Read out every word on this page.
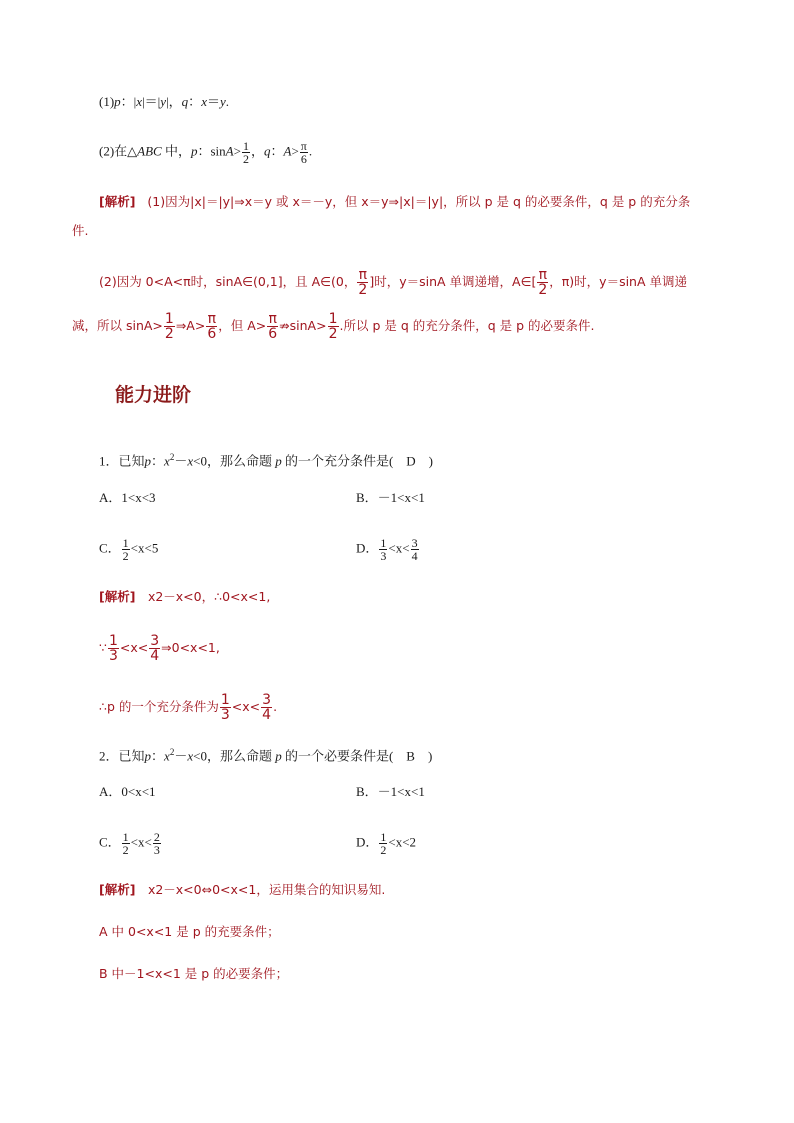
(1)p：|x|＝|y|，q：x＝y.
(2)在△ABC 中，p：$\sin A> \frac{1}{2}$ ，q：$A> \frac{\pi}{6}$ .
[解析] (1)因为|x|＝|y|⇒x＝y 或 x＝－y，但 x＝y⇒|x|＝|y|，所以 p 是 q 的必要条件，q 是 p 的充分条
件.
(2)因为 0<A<π时，sinA∈(0,1]，且 A∈(0， $\frac{\pi}{2}$ ]时，y＝sinA 单调递增，A∈[ $\frac{\pi}{2}$ ，π)时，y＝sinA 单调递
减，所以 $\sin A> \frac{1}{2}$ ⇒A> $\frac{\pi}{6}$ ，但 $A> \frac{\pi}{6}$ ⇏sinA> $\frac{1}{2}$ .所以 p 是 q 的充分条件，q 是 p 的必要条件.
能力进阶
1．已知p：$x^2-x<0$，那么命题 p 的一个充分条件是(　D　)
A．1<x<3	B．－1<x<1
C． $\frac{1}{2} <x<5$	D． $\frac{1}{3} <x< \frac{3}{4}$
[解析]　x2－x<0，∴0<x<1,
∵ $\frac{1}{3} <x< \frac{3}{4}$ ⇒0<x<1,
∴p 的一个充分条件为 $\frac{1}{3} <x< \frac{3}{4}$ .
2．已知p：$x^2-x<0$，那么命题 p 的一个必要条件是(　B　)
A．0<x<1	B．－1<x<1
C． $\frac{1}{2} <x< \frac{2}{3}$	D． $\frac{1}{2} <x<2$
[解析]　x2－x<0⇔0<x<1，运用集合的知识易知.
A 中 0<x<1 是 p 的充要条件；
B 中－1<x<1 是 p 的必要条件；
